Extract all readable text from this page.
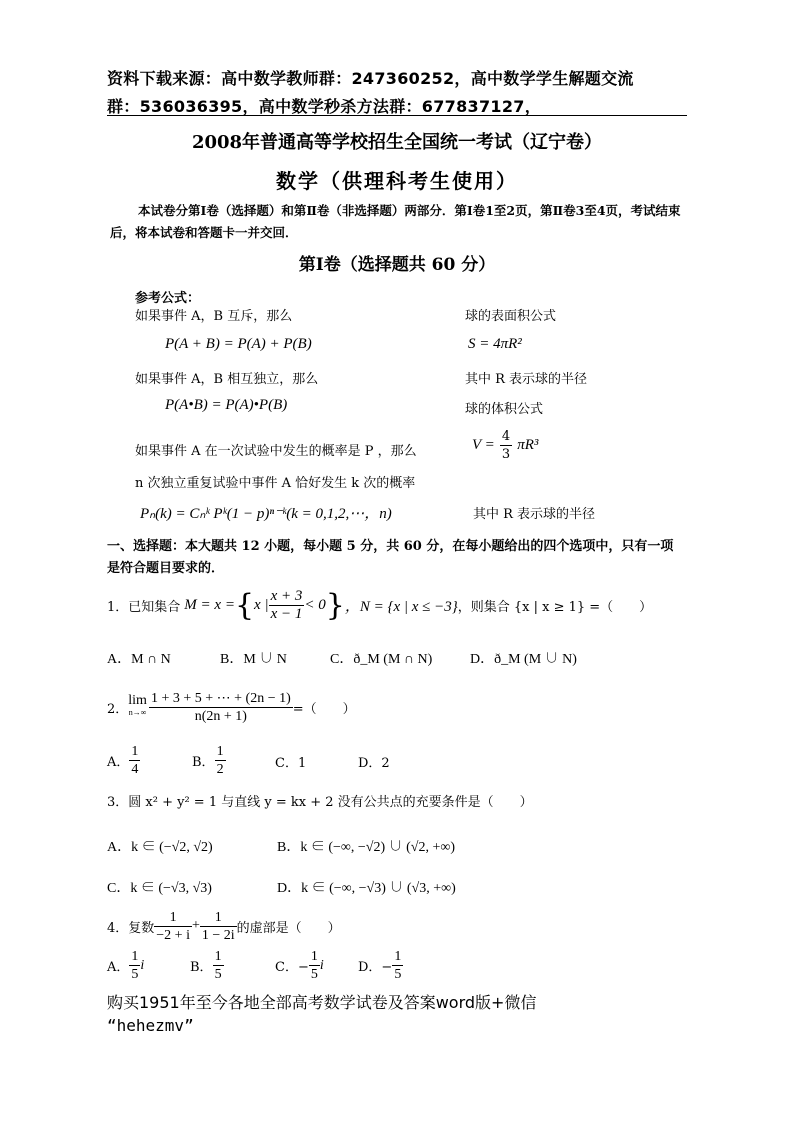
资料下载来源：高中数学教师群：247360252，高中数学学生解题交流
群：536036395，高中数学秒杀方法群：677837127，
2008年普通高等学校招生全国统一考试（辽宁卷）
数学（供理科考生使用）
本试卷分第Ⅰ卷（选择题）和第Ⅱ卷（非选择题）两部分．第Ⅰ卷1至2页，第Ⅱ卷3至4页，考试结束后，将本试卷和答题卡一并交回．
第Ⅰ卷（选择题共 60 分）
参考公式：
如果事件 A，B 互斥，那么
P(A + B) = P(A) + P(B)
如果事件 A，B 相互独立，那么
P(A•B) = P(A)•P(B)
如果事件 A 在一次试验中发生的概率是 P ，那么
n 次独立重复试验中事件 A 恰好发生 k 次的概率
Pₙ(k) = Cₙᵏ Pᵏ(1 − p)ⁿ⁻ᵏ(k = 0,1,2,⋯，n)
球的表面积公式
S = 4πR²
其中 R 表示球的半径
球的体积公式
$V = \frac{4}{3} \pi R^3$
其中 R 表示球的半径
一、选择题：本大题共 12 小题，每小题 5 分，共 60 分，在每小题给出的四个选项中，只有一项
是符合题目要求的．
1． 已知集合 M = x = { x | $\frac{x + 3}{x - 1} < 0$ } ，N = {x | x ≤ −3} ，则集合 {x | x ≥ 1} =（　　）
A．M ∩ N	B．M ∪ N	C．ð_M (M ∩ N)	D．ð_M (M ∪ N)
2．
lim
$n\to\infty \frac{1 + 3 + 5 + \cdots + (2n - 1)}{n(2n + 1)}$ =（　　）
A． $\frac{1}{4}$	B． $\frac{1}{2}$	C．1	D．2
3．圆 x² + y² = 1 与直线 y = kx + 2 没有公共点的充要条件是（　　）
A．k ∈ (−√2, √2)	B．k ∈ (−∞, −√2) ∪ (√2, +∞)
C．k ∈ (−√3, √3)	D．k ∈ (−∞, −√3) ∪ (√3, +∞)
4．复数 $\frac{1}{-2 + i} + \frac{1}{1 - 2i}$ 的虚部是（　　）
A． $\frac{1}{5}$ i	B． $\frac{1}{5}$	C．− $\frac{1}{5}$ i	D．− $\frac{1}{5}$
购买1951年至今各地全部高考数学试卷及答案word版+微信
“hehezmv”
